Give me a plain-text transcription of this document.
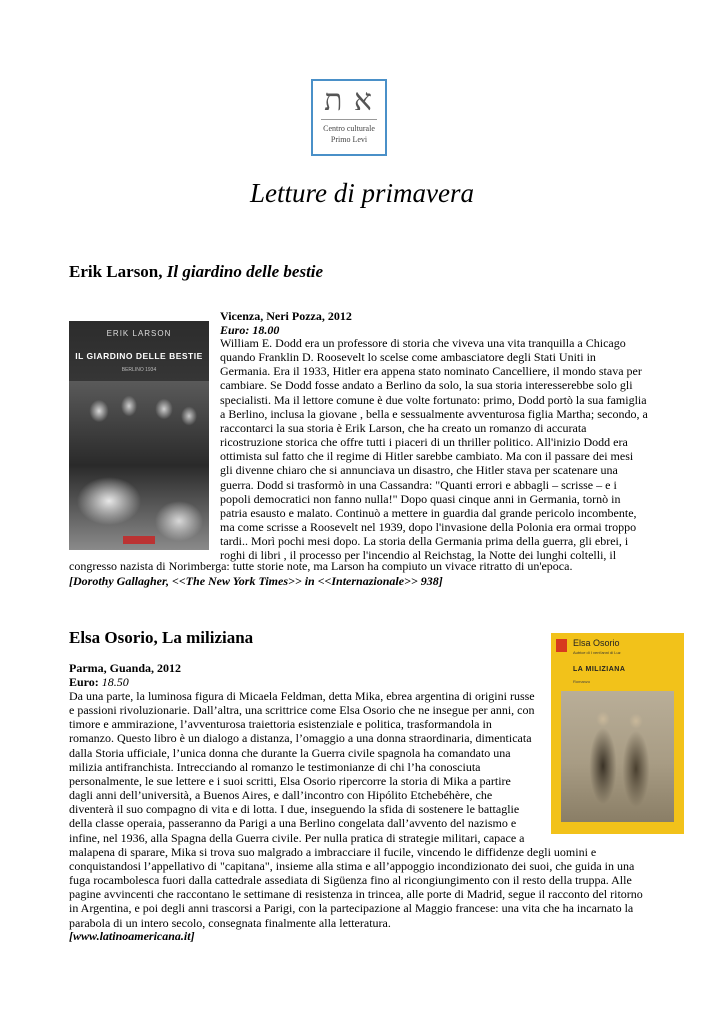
א ת
Centro culturale
Primo Levi
Letture di primavera
Erik Larson, Il giardino delle bestie
ERIK LARSON
IL GIARDINO DELLE BESTIE
BERLINO 1934
Vicenza, Neri Pozza, 2012
Euro: 18.00
William E. Dodd era un professore di storia che viveva una vita tranquilla a Chicago
quando Franklin D. Roosevelt lo scelse come ambasciatore degli Stati Uniti in
Germania. Era il 1933, Hitler era appena stato nominato Cancelliere, il mondo stava per
cambiare. Se Dodd fosse andato a Berlino da solo, la sua storia interesserebbe solo gli
specialisti. Ma il lettore comune è due volte fortunato: primo, Dodd portò la sua famiglia
a Berlino, inclusa la giovane , bella e sessualmente avventurosa figlia Martha; secondo, a
raccontarci la sua storia è Erik Larson, che ha creato un romanzo di accurata
ricostruzione storica che offre tutti i piaceri di un thriller politico. All'inizio Dodd era
ottimista sul fatto che il regime di Hitler sarebbe cambiato. Ma con il passare dei mesi
gli divenne chiaro che si annunciava un disastro, che Hitler stava per scatenare una
guerra. Dodd si trasformò in una Cassandra: "Quanti errori e abbagli – scrisse – e i
popoli democratici non fanno nulla!" Dopo quasi cinque anni in Germania, tornò in
patria esausto e malato. Continuò a mettere in guardia dal grande pericolo incombente,
ma come scrisse a Roosevelt nel 1939, dopo l'invasione della Polonia era ormai troppo
tardi.. Morì pochi mesi dopo. La storia della Germania prima della guerra, gli ebrei, i
roghi di libri , il processo per l'incendio al Reichstag, la Notte dei lunghi coltelli, il
congresso nazista di Norimberga: tutte storie note, ma Larson ha compiuto un vivace ritratto di un'epoca.
[Dorothy Gallagher, <<The New York Times>> in <<Internazionale>> 938]
Elsa Osorio, La miliziana	Elsa Osorio
Autrice di I vent'anni di Luz
LA MILIZIANA
Romanzo
Parma, Guanda, 2012
Euro: 18.50
Da una parte, la luminosa figura di Micaela Feldman, detta Mika, ebrea argentina di origini russe
e passioni rivoluzionarie. Dall’altra, una scrittrice come Elsa Osorio che ne insegue per anni, con
timore e ammirazione, l’avventurosa traiettoria esistenziale e politica, trasformandola in
romanzo. Questo libro è un dialogo a distanza, l’omaggio a una donna straordinaria, dimenticata
dalla Storia ufficiale, l’unica donna che durante la Guerra civile spagnola ha comandato una
milizia antifranchista. Intrecciando al romanzo le testimonianze di chi l’ha conosciuta
personalmente, le sue lettere e i suoi scritti, Elsa Osorio ripercorre la storia di Mika a partire
dagli anni dell’università, a Buenos Aires, e dall’incontro con Hipólito Etchebéhère, che
diventerà il suo compagno di vita e di lotta. I due, inseguendo la sfida di sostenere le battaglie
della classe operaia, passeranno da Parigi a una Berlino congelata dall’avvento del nazismo e
infine, nel 1936, alla Spagna della Guerra civile. Per nulla pratica di strategie militari, capace a
malapena di sparare, Mika si trova suo malgrado a imbracciare il fucile, vincendo le diffidenze degli uomini e
conquistandosi l’appellativo di "capitana", insieme alla stima e all’appoggio incondizionato dei suoi, che guida in una
fuga rocambolesca fuori dalla cattedrale assediata di Sigüenza fino al ricongiungimento con il resto della truppa. Alle
pagine avvincenti che raccontano le settimane di resistenza in trincea, alle porte di Madrid, segue il racconto del ritorno
in Argentina, e poi degli anni trascorsi a Parigi, con la partecipazione al Maggio francese: una vita che ha incarnato la
parabola di un intero secolo, consegnata finalmente alla letteratura.
[www.latinoamericana.it]
